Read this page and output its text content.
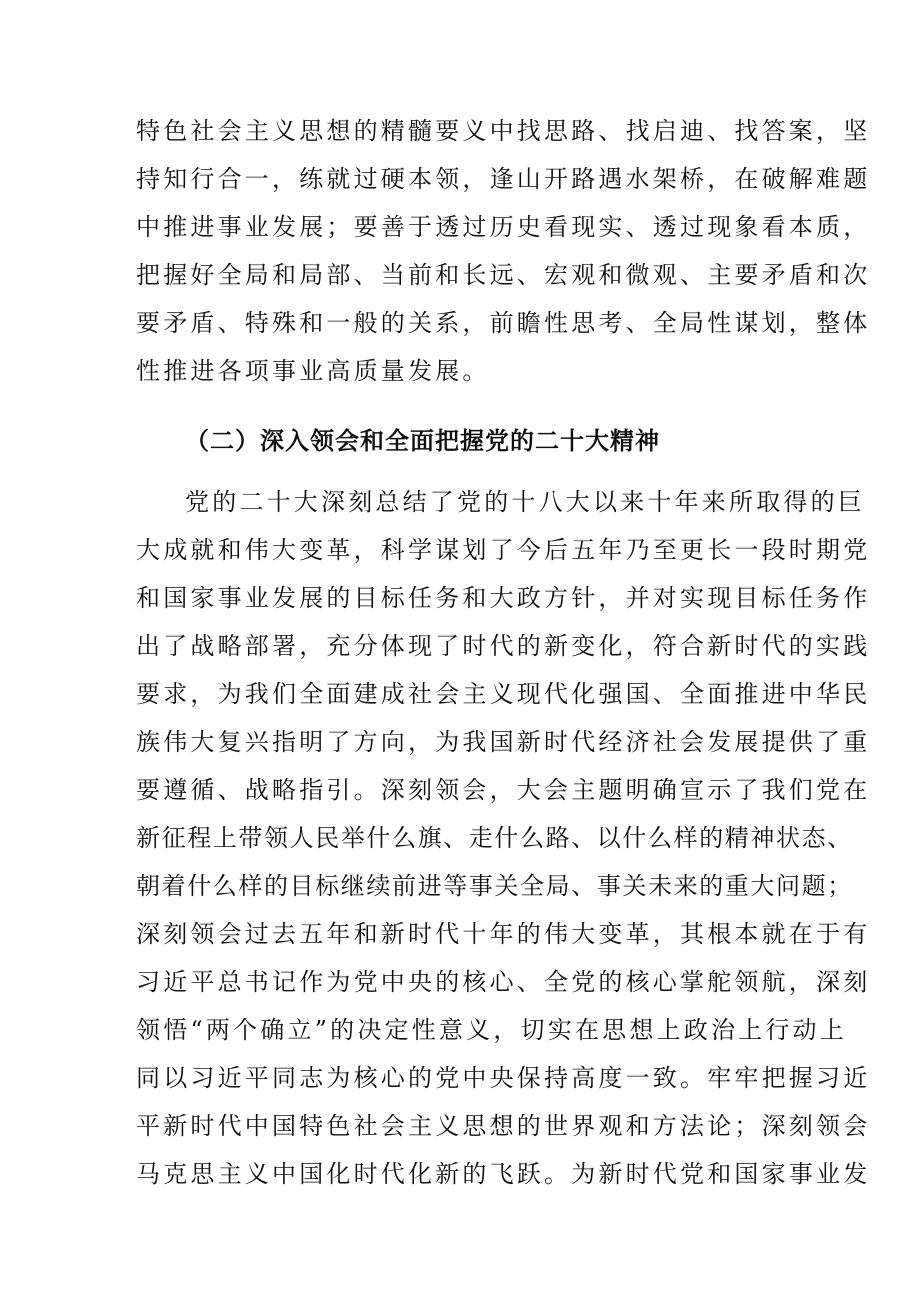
特色社会主义思想的精髓要义中找思路、找启迪、找答案，坚
持知行合一，练就过硬本领，逢山开路遇水架桥，在破解难题
中推进事业发展；要善于透过历史看现实、透过现象看本质，
把握好全局和局部、当前和长远、宏观和微观、主要矛盾和次
要矛盾、特殊和一般的关系，前瞻性思考、全局性谋划，整体
性推进各项事业高质量发展。
（二）深入领会和全面把握党的二十大精神
党的二十大深刻总结了党的十八大以来十年来所取得的巨
大成就和伟大变革，科学谋划了今后五年乃至更长一段时期党
和国家事业发展的目标任务和大政方针，并对实现目标任务作
出了战略部署，充分体现了时代的新变化，符合新时代的实践
要求，为我们全面建成社会主义现代化强国、全面推进中华民
族伟大复兴指明了方向，为我国新时代经济社会发展提供了重
要遵循、战略指引。深刻领会，大会主题明确宣示了我们党在
新征程上带领人民举什么旗、走什么路、以什么样的精神状态、
朝着什么样的目标继续前进等事关全局、事关未来的重大问题；
深刻领会过去五年和新时代十年的伟大变革，其根本就在于有
习近平总书记作为党中央的核心、全党的核心掌舵领航，深刻
领悟“两个确立”的决定性意义，切实在思想上政治上行动上
同以习近平同志为核心的党中央保持高度一致。牢牢把握习近
平新时代中国特色社会主义思想的世界观和方法论；深刻领会
马克思主义中国化时代化新的飞跃。为新时代党和国家事业发
